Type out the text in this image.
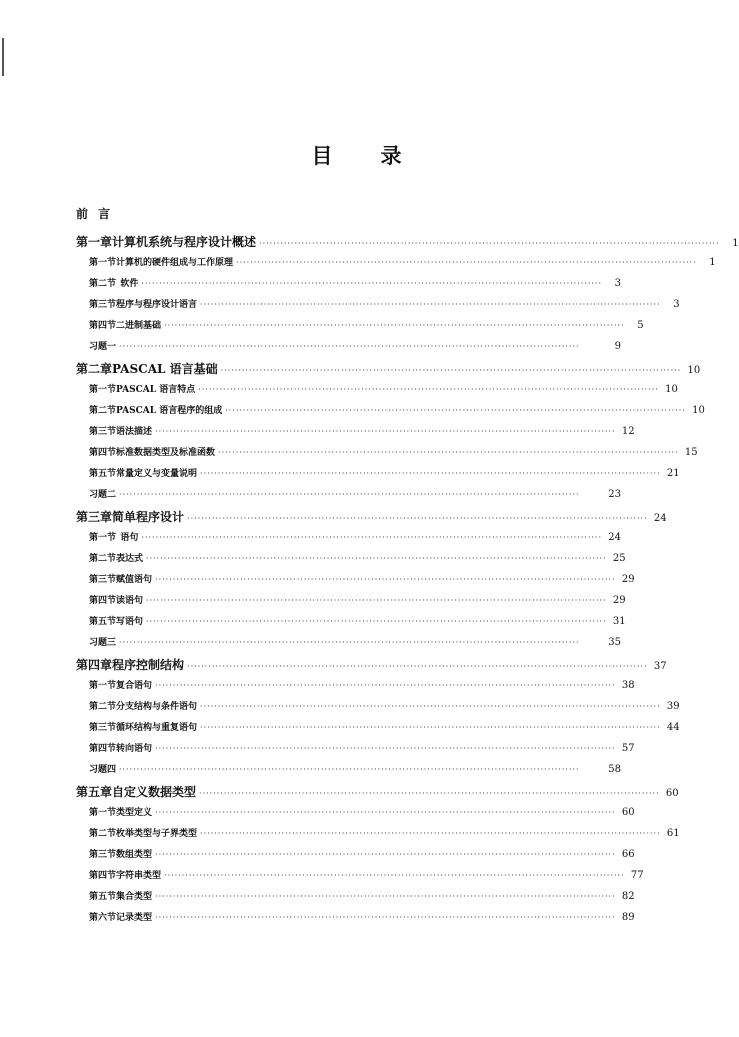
目 录
前言
第一章 计算机系统与程序设计概述 ··································································································································	1
第一节 计算机的硬件组成与工作原理 ··································································································································	1
第二节 软件 ··································································································································	3
第三节 程序与程序设计语言 ··································································································································	3
第四节 二进制基础 ··································································································································	5
习题一 ··································································································································	9
第二章 PASCAL 语言基础 ·································································································································· 10
第一节 PASCAL 语言特点 ·································································································································· 10
第二节 PASCAL 语言程序的组成 ·································································································································· 10
第三节 语法描述 ·································································································································· 12
第四节 标准数据类型及标准函数 ·································································································································· 15
第五节 常量定义与变量说明 ·································································································································· 21
习题二 ··································································································································	23
第三章 简单程序设计 ·································································································································· 24
第一节 语句 ·································································································································· 24
第二节 表达式 ·································································································································· 25
第三节 赋值语句 ·································································································································· 29
第四节 读语句 ·································································································································· 29
第五节 写语句 ·································································································································· 31
习题三 ··································································································································	35
第四章 程序控制结构 ·································································································································· 37
第一节 复合语句 ·································································································································· 38
第二节 分支结构与条件语句 ·································································································································· 39
第三节 循环结构与重复语句 ·································································································································· 44
第四节 转向语句 ·································································································································· 57
习题四 ··································································································································	58
第五章 自定义数据类型 ·································································································································· 60
第一节 类型定义 ·································································································································· 60
第二节 枚举类型与子界类型 ·································································································································· 61
第三节 数组类型 ·································································································································· 66
第四节 字符串类型 ·································································································································· 77
第五节 集合类型 ·································································································································· 82
第六节 记录类型 ·································································································································· 89
